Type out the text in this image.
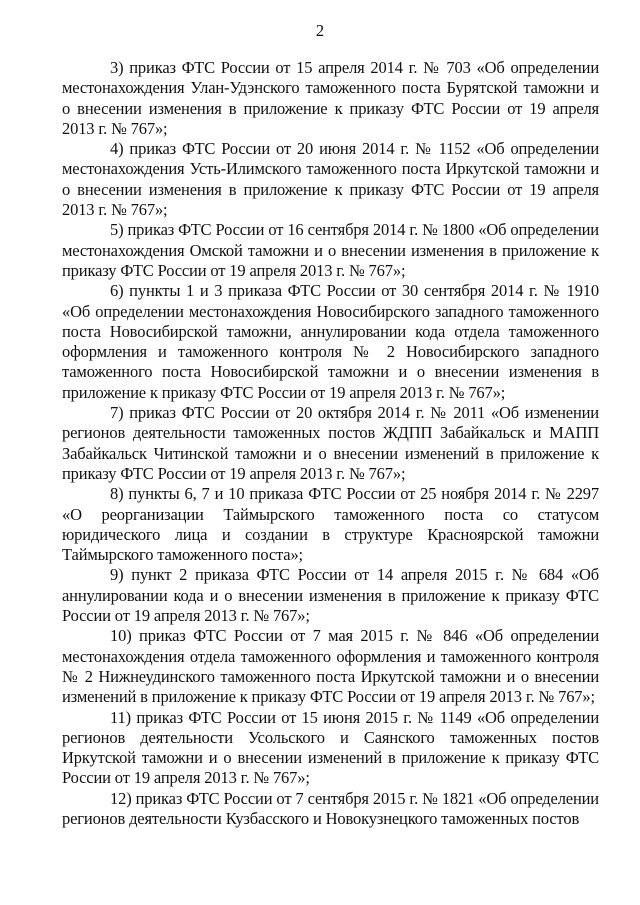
2

3) приказ ФТС России от 15 апреля 2014 г. № 703 «Об определении местонахождения Улан-Удэнского таможенного поста Бурятской таможни и о внесении изменения в приложение к приказу ФТС России от 19 апреля 2013 г. № 767»;

4) приказ ФТС России от 20 июня 2014 г. № 1152 «Об определении местонахождения Усть-Илимского таможенного поста Иркутской таможни и о внесении изменения в приложение к приказу ФТС России от 19 апреля 2013 г. № 767»;

5) приказ ФТС России от 16 сентября 2014 г. № 1800 «Об определении местонахождения Омской таможни и о внесении изменения в приложение к приказу ФТС России от 19 апреля 2013 г. № 767»;

6) пункты 1 и 3 приказа ФТС России от 30 сентября 2014 г. № 1910 «Об определении местонахождения Новосибирского западного таможенного поста Новосибирской таможни, аннулировании кода отдела таможенного оформления и таможенного контроля № 2 Новосибирского западного таможенного поста Новосибирской таможни и о внесении изменения в приложение к приказу ФТС России от 19 апреля 2013 г. № 767»;

7) приказ ФТС России от 20 октября 2014 г. № 2011 «Об изменении регионов деятельности таможенных постов ЖДПП Забайкальск и МАПП Забайкальск Читинской таможни и о внесении изменений в приложение к приказу ФТС России от 19 апреля 2013 г. № 767»;

8) пункты 6, 7 и 10 приказа ФТС России от 25 ноября 2014 г. № 2297 «О реорганизации Таймырского таможенного поста со статусом юридического лица и создании в структуре Красноярской таможни Таймырского таможенного поста»;

9) пункт 2 приказа ФТС России от 14 апреля 2015 г. № 684 «Об аннулировании кода и о внесении изменения в приложение к приказу ФТС России от 19 апреля 2013 г. № 767»;

10) приказ ФТС России от 7 мая 2015 г. № 846 «Об определении местонахождения отдела таможенного оформления и таможенного контроля № 2 Нижнеудинского таможенного поста Иркутской таможни и о внесении изменений в приложение к приказу ФТС России от 19 апреля 2013 г. № 767»;

11) приказ ФТС России от 15 июня 2015 г. № 1149 «Об определении регионов деятельности Усольского и Саянского таможенных постов Иркутской таможни и о внесении изменений в приложение к приказу ФТС России от 19 апреля 2013 г. № 767»;

12) приказ ФТС России от 7 сентября 2015 г. № 1821 «Об определении регионов деятельности Кузбасского и Новокузнецкого таможенных постов
